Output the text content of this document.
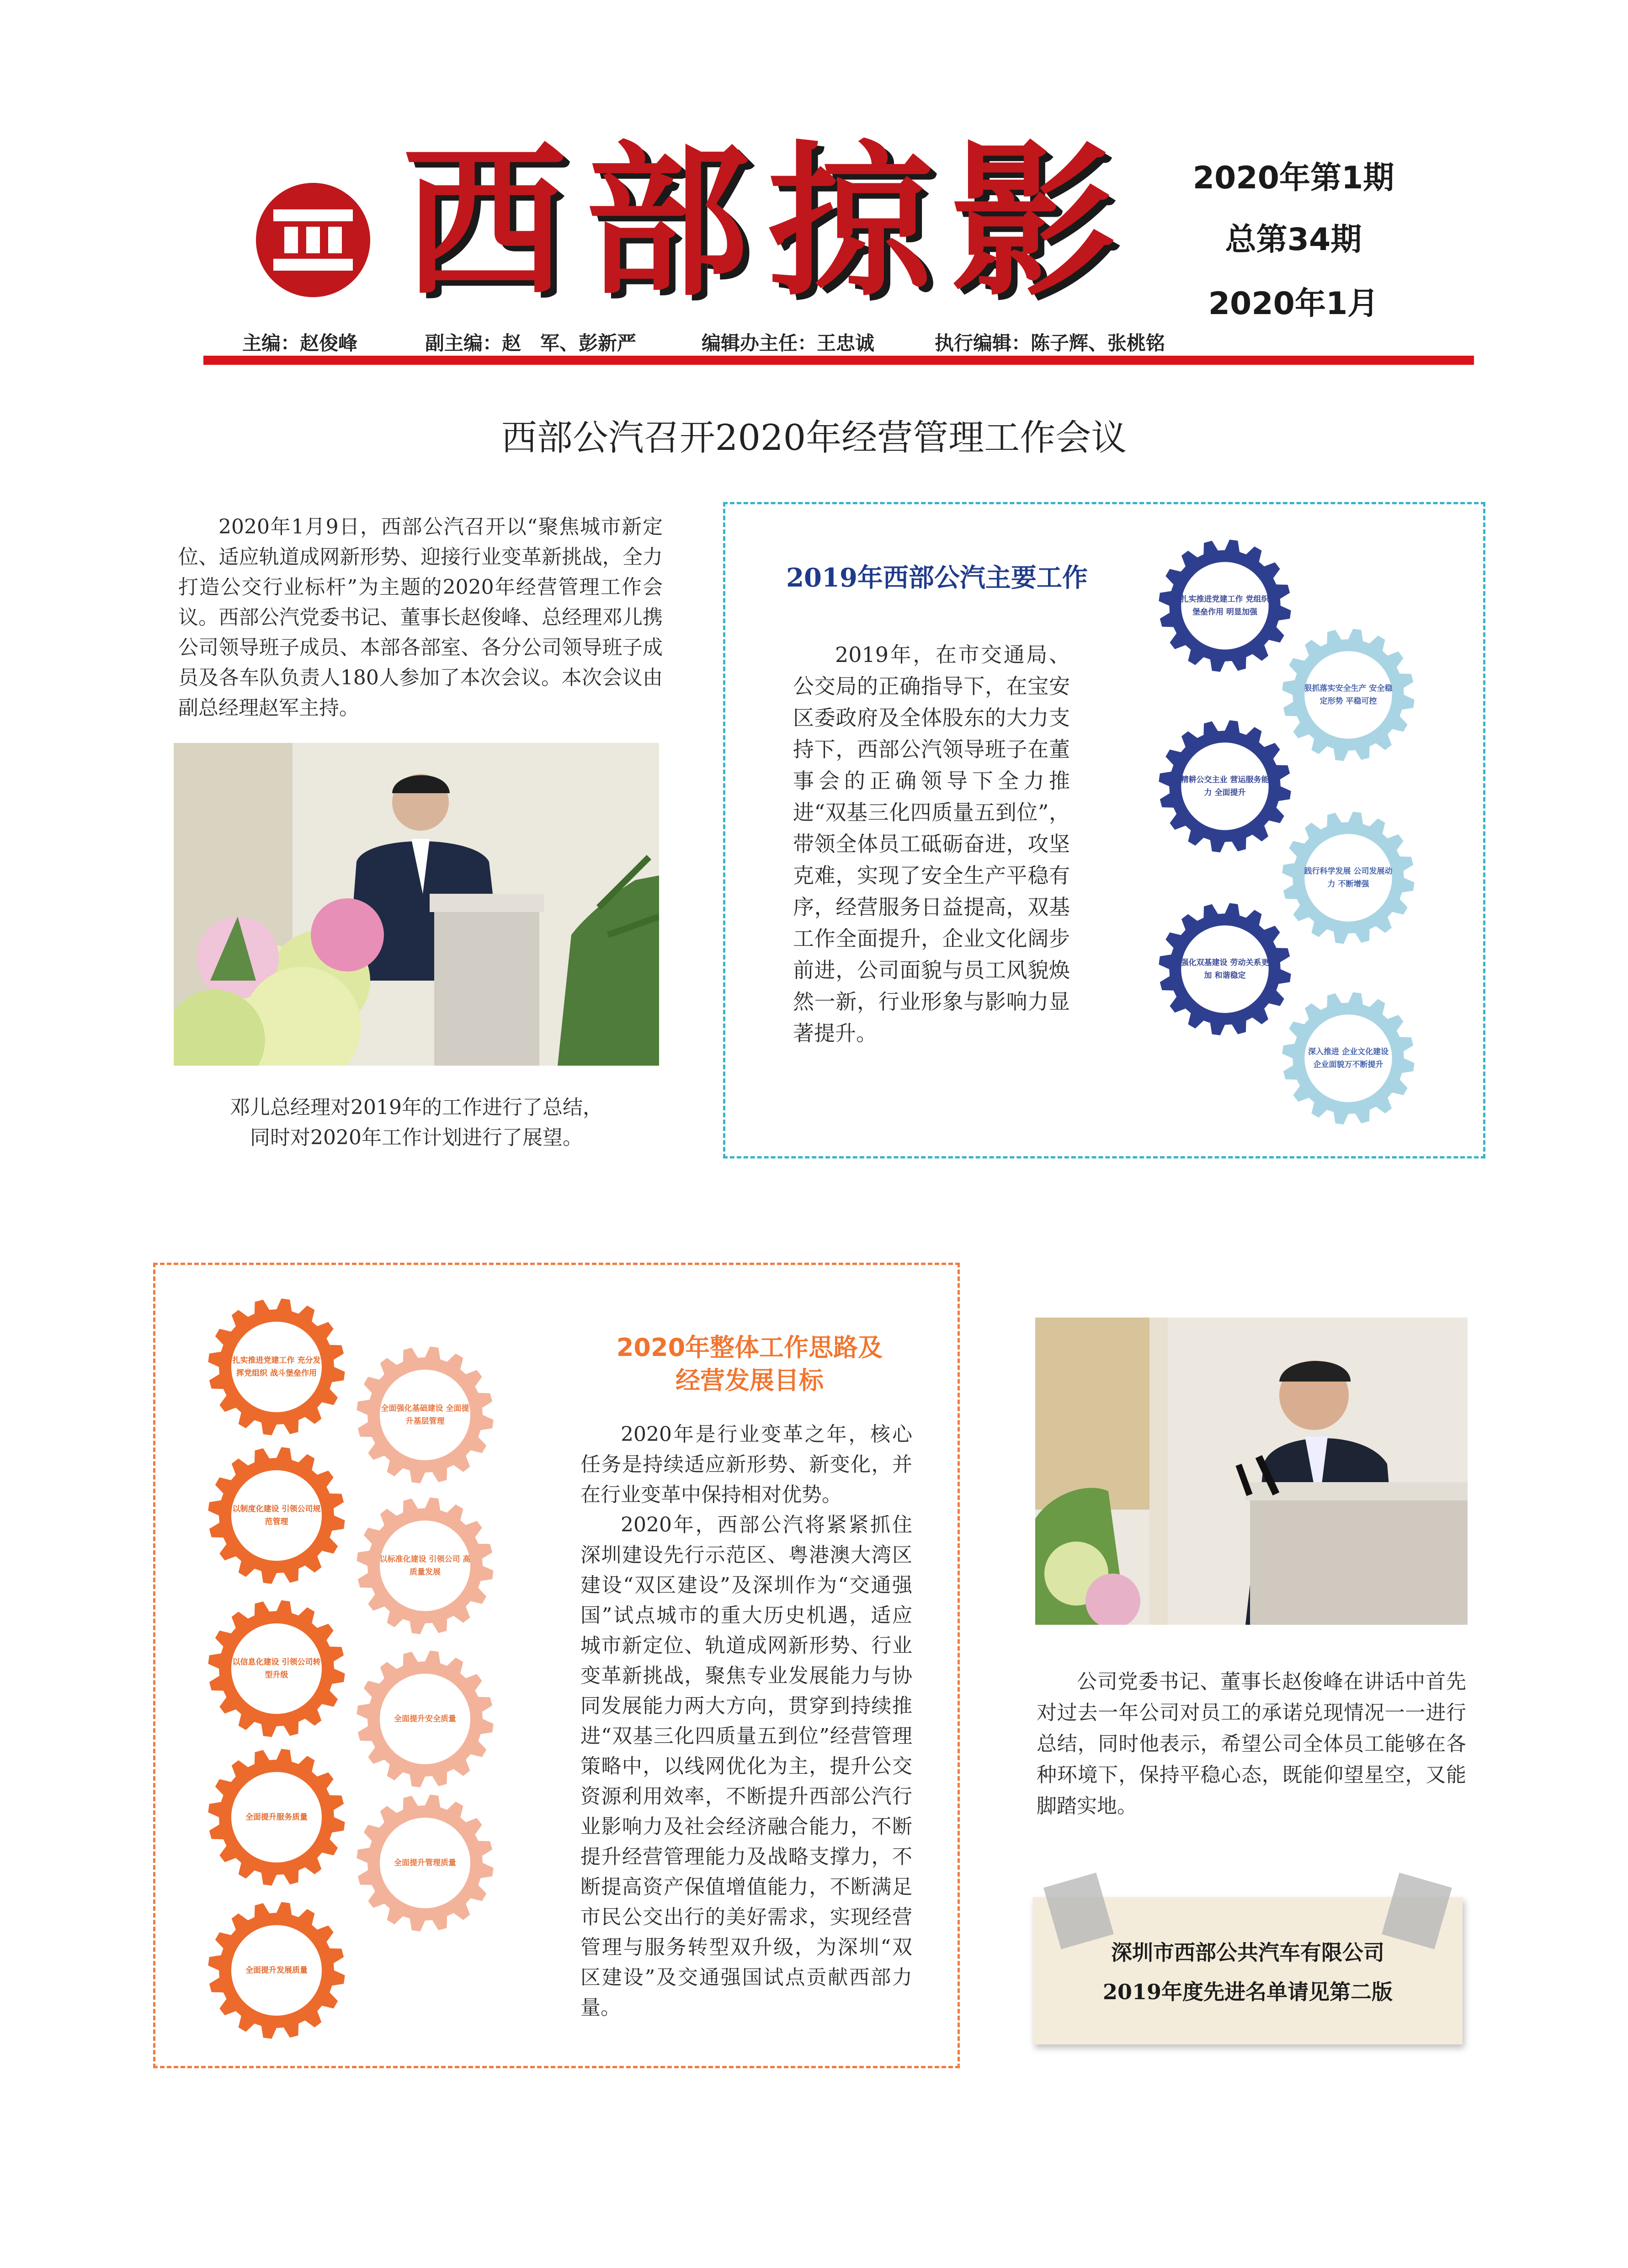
西部掠影 2020年第1期
总第34期
2020年1月
主编：赵俊峰	副主编：赵　军、彭新严	编辑办主任：王忠诚	执行编辑：陈子辉、张桃铭
西部公汽召开2020年经营管理工作会议

2020年1月9日，西部公汽召开以“聚焦城市新定位、适应轨道成网新形势、迎接行业变革新挑战，全力打造公交行业标杆”为主题的2020年经营管理工作会议。西部公汽党委书记、董事长赵俊峰、总经理邓儿携公司领导班子成员、本部各部室、各分公司领导班子成员及各车队负责人180人参加了本次会议。本次会议由副总经理赵军主持。

邓儿总经理对2019年的工作进行了总结，
同时对2020年工作计划进行了展望。
2019年西部公汽主要工作

2019年，在市交通局、公交局的正确指导下，在宝安区委政府及全体股东的大力支持下，西部公汽领导班子在董事会的正确领导下全力推进“双基三化四质量五到位”，带领全体员工砥砺奋进，攻坚克难，实现了安全生产平稳有序，经营服务日益提高，双基工作全面提升，企业文化阔步前进，公司面貌与员工风貌焕然一新，行业形象与影响力显著提升。

扎实推进党建工作 党组织堡垒作用 明显加强
狠抓落实安全生产 安全稳定形势 平稳可控
精耕公交主业 营运服务能力 全面提升
践行科学发展 公司发展动力 不断增强
强化双基建设 劳动关系更加 和谐稳定
深入推进 企业文化建设 企业面貌万不断提升
2020年整体工作思路及
经营发展目标

2020年是行业变革之年，核心任务是持续适应新形势、新变化，并在行业变革中保持相对优势。

2020年，西部公汽将紧紧抓住深圳建设先行示范区、粤港澳大湾区建设“双区建设”及深圳作为“交通强国”试点城市的重大历史机遇，适应城市新定位、轨道成网新形势、行业变革新挑战，聚焦专业发展能力与协同发展能力两大方向，贯穿到持续推进“双基三化四质量五到位”经营管理策略中，以线网优化为主，提升公交资源利用效率，不断提升西部公汽行业影响力及社会经济融合能力，不断提升经营管理能力及战略支撑力，不断提高资产保值增值能力，不断满足市民公交出行的美好需求，实现经营管理与服务转型双升级，为深圳“双区建设”及交通强国试点贡献西部力量。

扎实推进党建工作 充分发挥党组织 战斗堡垒作用
以制度化建设 引领公司规范管理
以信息化建设 引领公司转型升级
全面提升服务质量
全面提升发展质量
全面强化基础建设 全面提升基层管理
以标准化建设 引领公司 高质量发展
全面提升安全质量
全面提升管理质量

公司党委书记、董事长赵俊峰在讲话中首先对过去一年公司对员工的承诺兑现情况一一进行总结，同时他表示，希望公司全体员工能够在各种环境下，保持平稳心态，既能仰望星空，又能脚踏实地。

深圳市西部公共汽车有限公司
2019年度先进名单请见第二版
